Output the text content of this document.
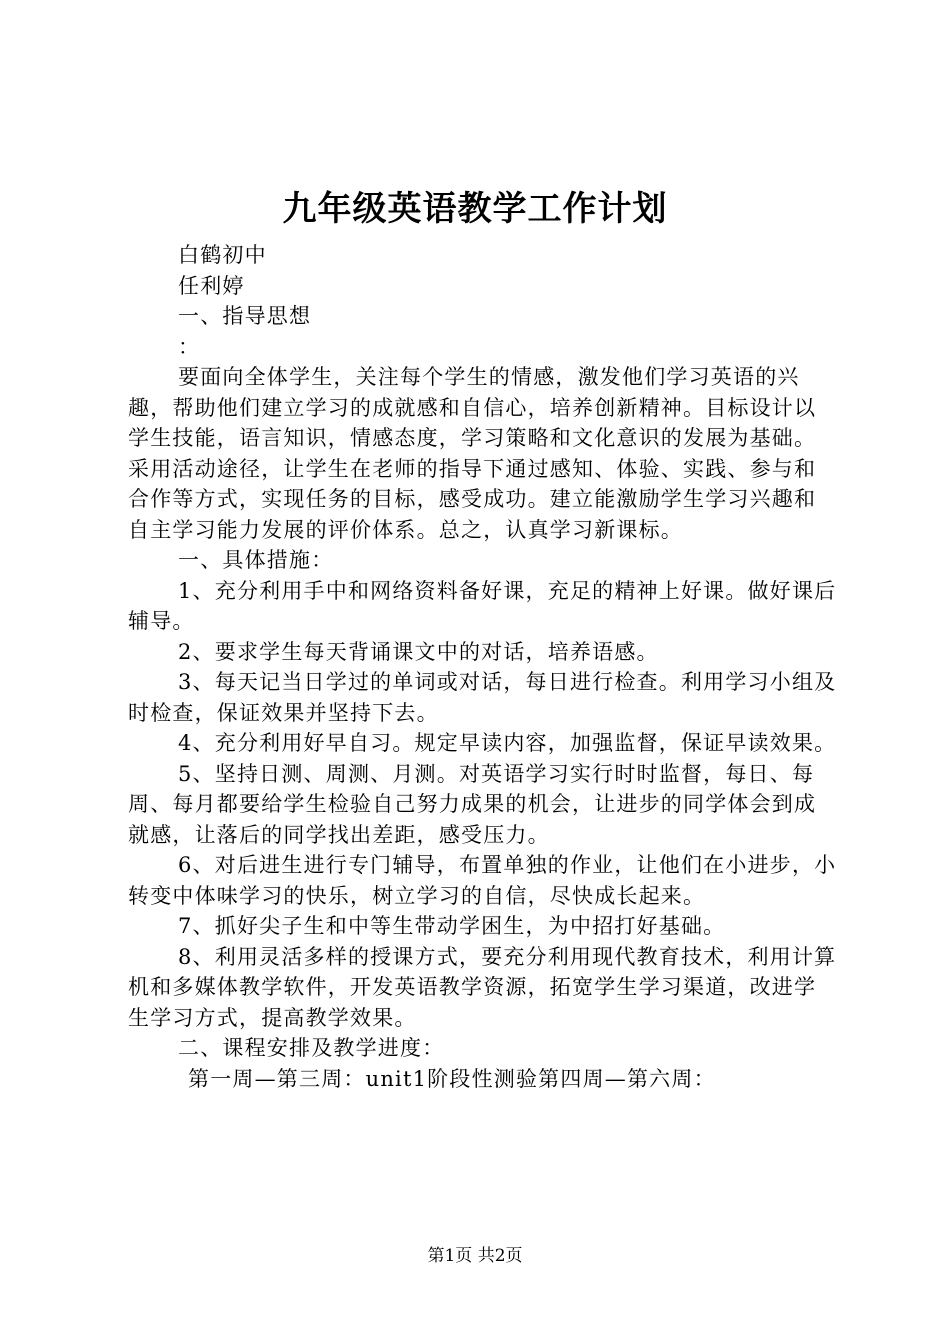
九年级英语教学工作计划

白鹤初中

任利婷

一、指导思想

：

要面向全体学生，关注每个学生的情感，激发他们学习英语的兴趣，帮助他们建立学习的成就感和自信心，培养创新精神。目标设计以学生技能，语言知识，情感态度，学习策略和文化意识的发展为基础。采用活动途径，让学生在老师的指导下通过感知、体验、实践、参与和合作等方式，实现任务的目标，感受成功。建立能激励学生学习兴趣和自主学习能力发展的评价体系。总之，认真学习新课标。

一、具体措施：

1、充分利用手中和网络资料备好课，充足的精神上好课。做好课后辅导。

2、要求学生每天背诵课文中的对话，培养语感。

3、每天记当日学过的单词或对话，每日进行检查。利用学习小组及时检查，保证效果并坚持下去。

4、充分利用好早自习。规定早读内容，加强监督，保证早读效果。

5、坚持日测、周测、月测。对英语学习实行时时监督，每日、每周、每月都要给学生检验自己努力成果的机会，让进步的同学体会到成就感，让落后的同学找出差距，感受压力。

6、对后进生进行专门辅导，布置单独的作业，让他们在小进步，小转变中体味学习的快乐，树立学习的自信，尽快成长起来。

7、抓好尖子生和中等生带动学困生，为中招打好基础。

8、利用灵活多样的授课方式，要充分利用现代教育技术，利用计算机和多媒体教学软件，开发英语教学资源，拓宽学生学习渠道，改进学生学习方式，提高教学效果。

二、课程安排及教学进度：

第一周—第三周：unit1阶段性测验第四周—第六周：

第1页 共2页
